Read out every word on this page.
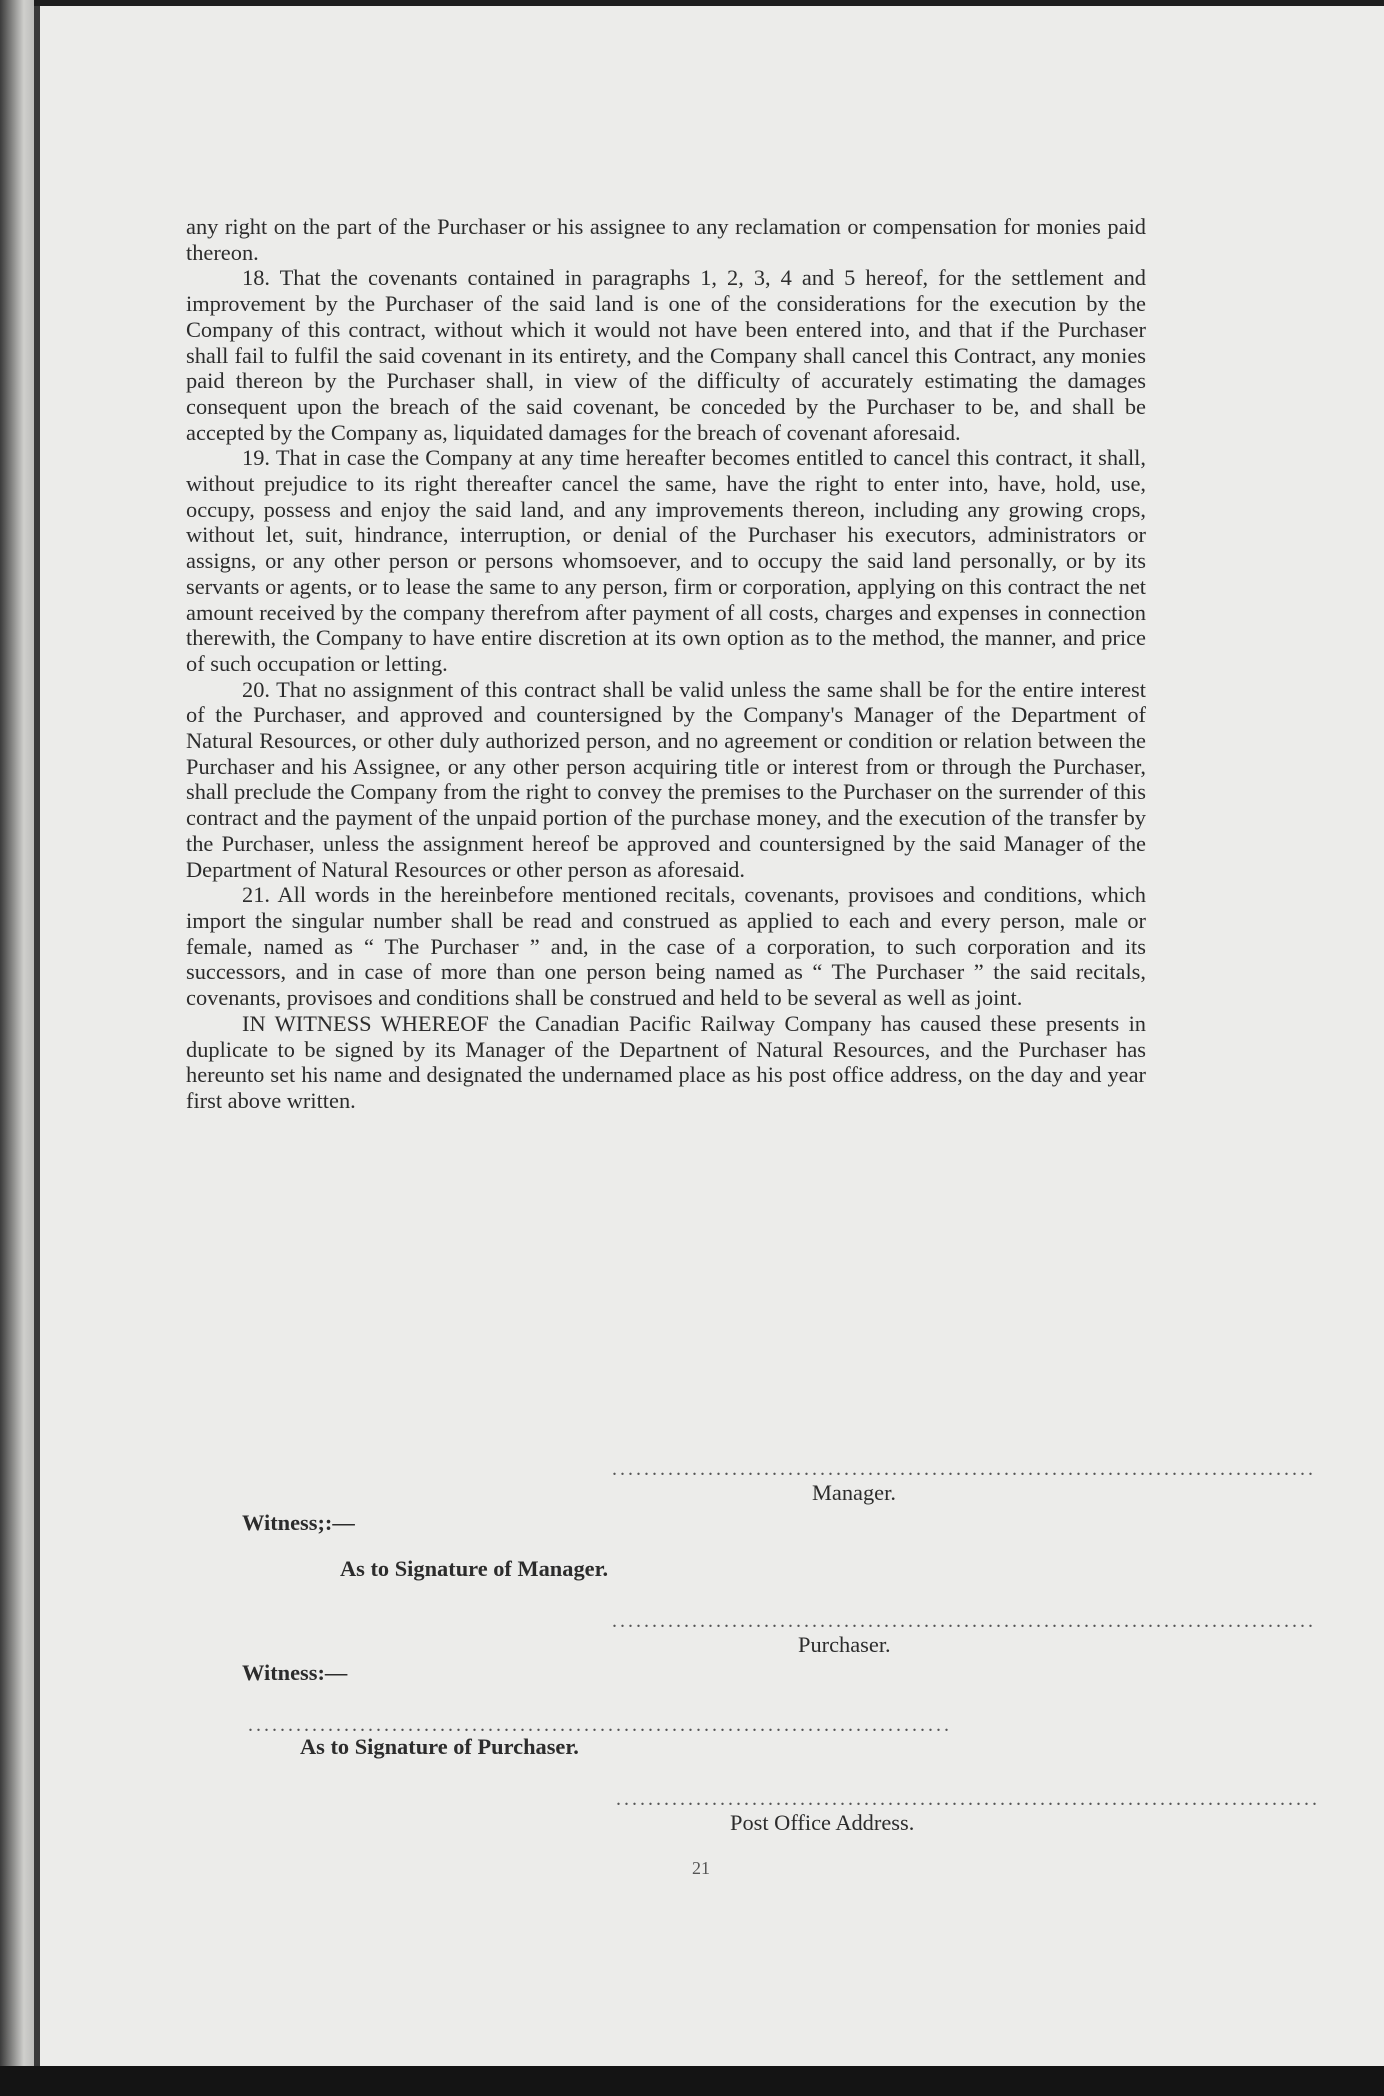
any right on the part of the Purchaser or his assignee to any reclamation or compensation for monies paid thereon.

18. That the covenants contained in paragraphs 1, 2, 3, 4 and 5 hereof, for the settlement and improvement by the Purchaser of the said land is one of the considerations for the execution by the Company of this contract, without which it would not have been entered into, and that if the Purchaser shall fail to fulfil the said covenant in its entirety, and the Company shall cancel this Contract, any monies paid thereon by the Purchaser shall, in view of the difficulty of accurately estimating the damages consequent upon the breach of the said covenant, be conceded by the Purchaser to be, and shall be accepted by the Company as, liquidated damages for the breach of covenant aforesaid.

19. That in case the Company at any time hereafter becomes entitled to cancel this contract, it shall, without prejudice to its right thereafter cancel the same, have the right to enter into, have, hold, use, occupy, possess and enjoy the said land, and any improvements thereon, including any growing crops, without let, suit, hindrance, interruption, or denial of the Purchaser his executors, administrators or assigns, or any other person or persons whomsoever, and to occupy the said land personally, or by its servants or agents, or to lease the same to any person, firm or corporation, applying on this contract the net amount received by the company therefrom after payment of all costs, charges and expenses in connection therewith, the Company to have entire discretion at its own option as to the method, the manner, and price of such occupation or letting.

20. That no assignment of this contract shall be valid unless the same shall be for the entire interest of the Purchaser, and approved and countersigned by the Company's Manager of the Department of Natural Resources, or other duly authorized person, and no agreement or condition or relation between the Purchaser and his Assignee, or any other person acquiring title or interest from or through the Purchaser, shall preclude the Company from the right to convey the premises to the Purchaser on the surrender of this contract and the payment of the unpaid portion of the purchase money, and the execution of the transfer by the Purchaser, unless the assignment hereof be approved and countersigned by the said Manager of the Department of Natural Resources or other person as aforesaid.

21. All words in the hereinbefore mentioned recitals, covenants, provisoes and conditions, which import the singular number shall be read and construed as applied to each and every person, male or female, named as “ The Purchaser ” and, in the case of a corporation, to such corporation and its successors, and in case of more than one person being named as “ The Purchaser ” the said recitals, covenants, provisoes and conditions shall be construed and held to be several as well as joint.

IN WITNESS WHEREOF the Canadian Pacific Railway Company has caused these presents in duplicate to be signed by its Manager of the Departnent of Natural Resources, and the Purchaser has hereunto set his name and designated the undernamed place as his post office address, on the day and year first above written.

........................................................................................
Manager.
Witness;:—
As to Signature of Manager.
........................................................................................
Purchaser.
Witness:—
........................................................................................
As to Signature of Purchaser.
........................................................................................
Post Office Address.
21
